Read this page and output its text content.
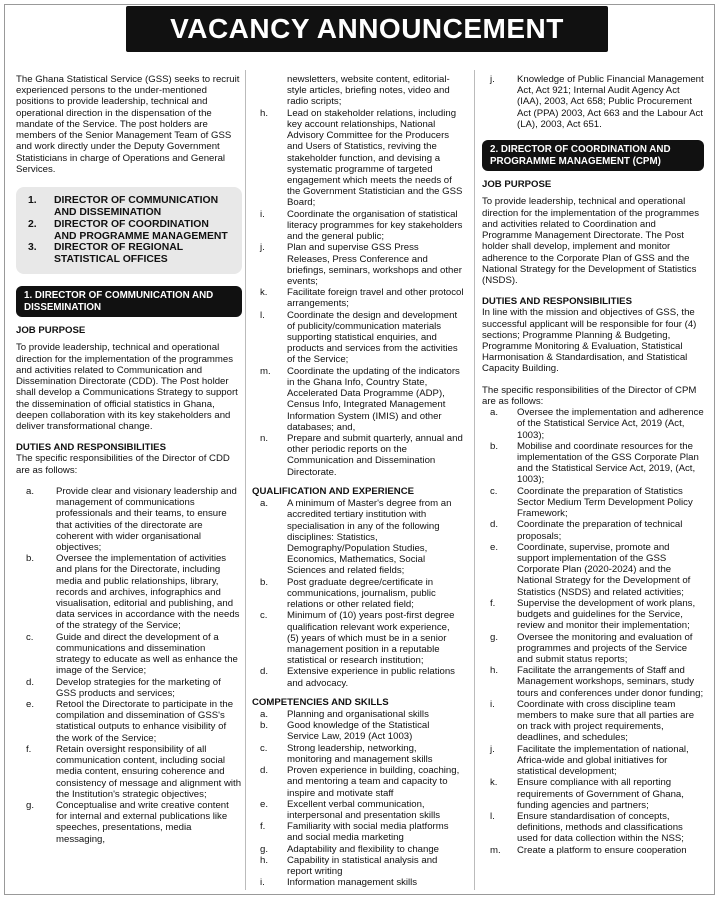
VACANCY ANNOUNCEMENT

The Ghana Statistical Service (GSS) seeks to recruit experienced persons to the under-mentioned positions to provide leadership, technical and operational direction in the dispensation of the mandate of the Service. The post holders are members of the Senior Management Team of GSS and work directly under the Deputy Government Statisticians in charge of Operations and General Services.

1.	DIRECTOR OF COMMUNICATION AND DISSEMINATION
2.	DIRECTOR OF COORDINATION AND PROGRAMME MANAGEMENT
3.	DIRECTOR OF REGIONAL STATISTICAL OFFICES
1. DIRECTOR OF COMMUNICATION AND DISSEMINATION
JOB PURPOSE

To provide leadership, technical and operational direction for the implementation of the programmes and activities related to Communication and Dissemination Directorate (CDD). The Post holder shall develop a Communications Strategy to support the dissemination of official statistics in Ghana, deepen collaboration with its key stakeholders and deliver transformational change.

DUTIES AND RESPONSIBILITIES

The specific responsibilities of the Director of CDD are as follows:

a.	Provide clear and visionary leadership and management of communications professionals and their teams, to ensure that activities of the directorate are coherent with wider organisational objectives;
b.	Oversee the implementation of activities and plans for the Directorate, including media and public relationships, library, records and archives, infographics and visualisation, editorial and publishing, and data services in accordance with the needs of the strategy of the Service;
c.	Guide and direct the development of a communications and dissemination strategy to educate as well as enhance the image of the Service;
d.	Develop strategies for the marketing of GSS products and services;
e.	Retool the Directorate to participate in the compilation and dissemination of GSS's statistical outputs to enhance visibility of the work of the Service;
f.	Retain oversight responsibility of all communication content, including social media content, ensuring coherence and consistency of message and alignment with the Institution's strategic objectives;
g.	Conceptualise and write creative content for internal and external publications like speeches, presentations, media messaging,
newsletters, website content, editorial-style articles, briefing notes, video and radio scripts;
h.	Lead on stakeholder relations, including key account relationships, National Advisory Committee for the Producers and Users of Statistics, reviving the stakeholder function, and devising a systematic programme of targeted engagement which meets the needs of the Government Statistician and the GSS Board;
i.	Coordinate the organisation of statistical literacy programmes for key stakeholders and the general public;
j.	Plan and supervise GSS Press Releases, Press Conference and briefings, seminars, workshops and other events;
k.	Facilitate foreign travel and other protocol arrangements;
l.	Coordinate the design and development of publicity/communication materials supporting statistical enquiries, and products and services from the activities of the Service;
m.	Coordinate the updating of the indicators in the Ghana Info, Country State, Accelerated Data Programme (ADP), Census Info, Integrated Management Information System (IMIS) and other databases; and,
n.	Prepare and submit quarterly, annual and other periodic reports on the Communication and Dissemination Directorate.
QUALIFICATION AND EXPERIENCE
a.	A minimum of Master's degree from an accredited tertiary institution with specialisation in any of the following disciplines: Statistics, Demography/Population Studies, Economics, Mathematics, Social Sciences and related fields;
b.	Post graduate degree/certificate in communications, journalism, public relations or other related field;
c.	Minimum of (10) years post-first degree qualification relevant work experience, (5) years of which must be in a senior management position in a reputable statistical or research institution;
d.	Extensive experience in public relations and advocacy.
COMPETENCIES AND SKILLS
a.	Planning and organisational skills
b.	Good knowledge of the Statistical Service Law, 2019 (Act 1003)
c.	Strong leadership, networking, monitoring and management skills
d.	Proven experience in building, coaching, and mentoring a team and capacity to inspire and motivate staff
e.	Excellent verbal communication, interpersonal and presentation skills
f.	Familiarity with social media platforms and social media marketing
g.	Adaptability and flexibility to change
h.	Capability in statistical analysis and report writing
i.	Information management skills
j.	Knowledge of Public Financial Management Act, Act 921; Internal Audit Agency Act (IAA), 2003, Act 658; Public Procurement Act (PPA) 2003, Act 663 and the Labour Act (LA), 2003, Act 651.
2. DIRECTOR OF COORDINATION AND PROGRAMME MANAGEMENT (CPM)
JOB PURPOSE

To provide leadership, technical and operational direction for the implementation of the programmes and activities related to Coordination and Programme Management Directorate. The Post holder shall develop, implement and monitor adherence to the Corporate Plan of GSS and the National Strategy for the Development of Statistics (NSDS).

DUTIES AND RESPONSIBILITIES

In line with the mission and objectives of GSS, the successful applicant will be responsible for four (4) sections; Programme Planning & Budgeting, Programme Monitoring & Evaluation, Statistical Harmonisation & Standardisation, and Statistical Capacity Building.

The specific responsibilities of the Director of CPM are as follows:

a.	Oversee the implementation and adherence of the Statistical Service Act, 2019 (Act, 1003);
b.	Mobilise and coordinate resources for the implementation of the GSS Corporate Plan and the Statistical Service Act, 2019, (Act, 1003);
c.	Coordinate the preparation of Statistics Sector Medium Term Development Policy Framework;
d.	Coordinate the preparation of technical proposals;
e.	Coordinate, supervise, promote and support implementation of the GSS Corporate Plan (2020-2024) and the National Strategy for the Development of Statistics (NSDS) and related activities;
f.	Supervise the development of work plans, budgets and guidelines for the Service, review and monitor their implementation;
g.	Oversee the monitoring and evaluation of programmes and projects of the Service and submit status reports;
h.	Facilitate the arrangements of Staff and Management workshops, seminars, study tours and conferences under donor funding;
i.	Coordinate with cross discipline team members to make sure that all parties are on track with project requirements, deadlines, and schedules;
j.	Facilitate the implementation of national, Africa-wide and global initiatives for statistical development;
k.	Ensure compliance with all reporting requirements of Government of Ghana, funding agencies and partners;
l.	Ensure standardisation of concepts, definitions, methods and classifications used for data collection within the NSS;
m.	Create a platform to ensure cooperation
